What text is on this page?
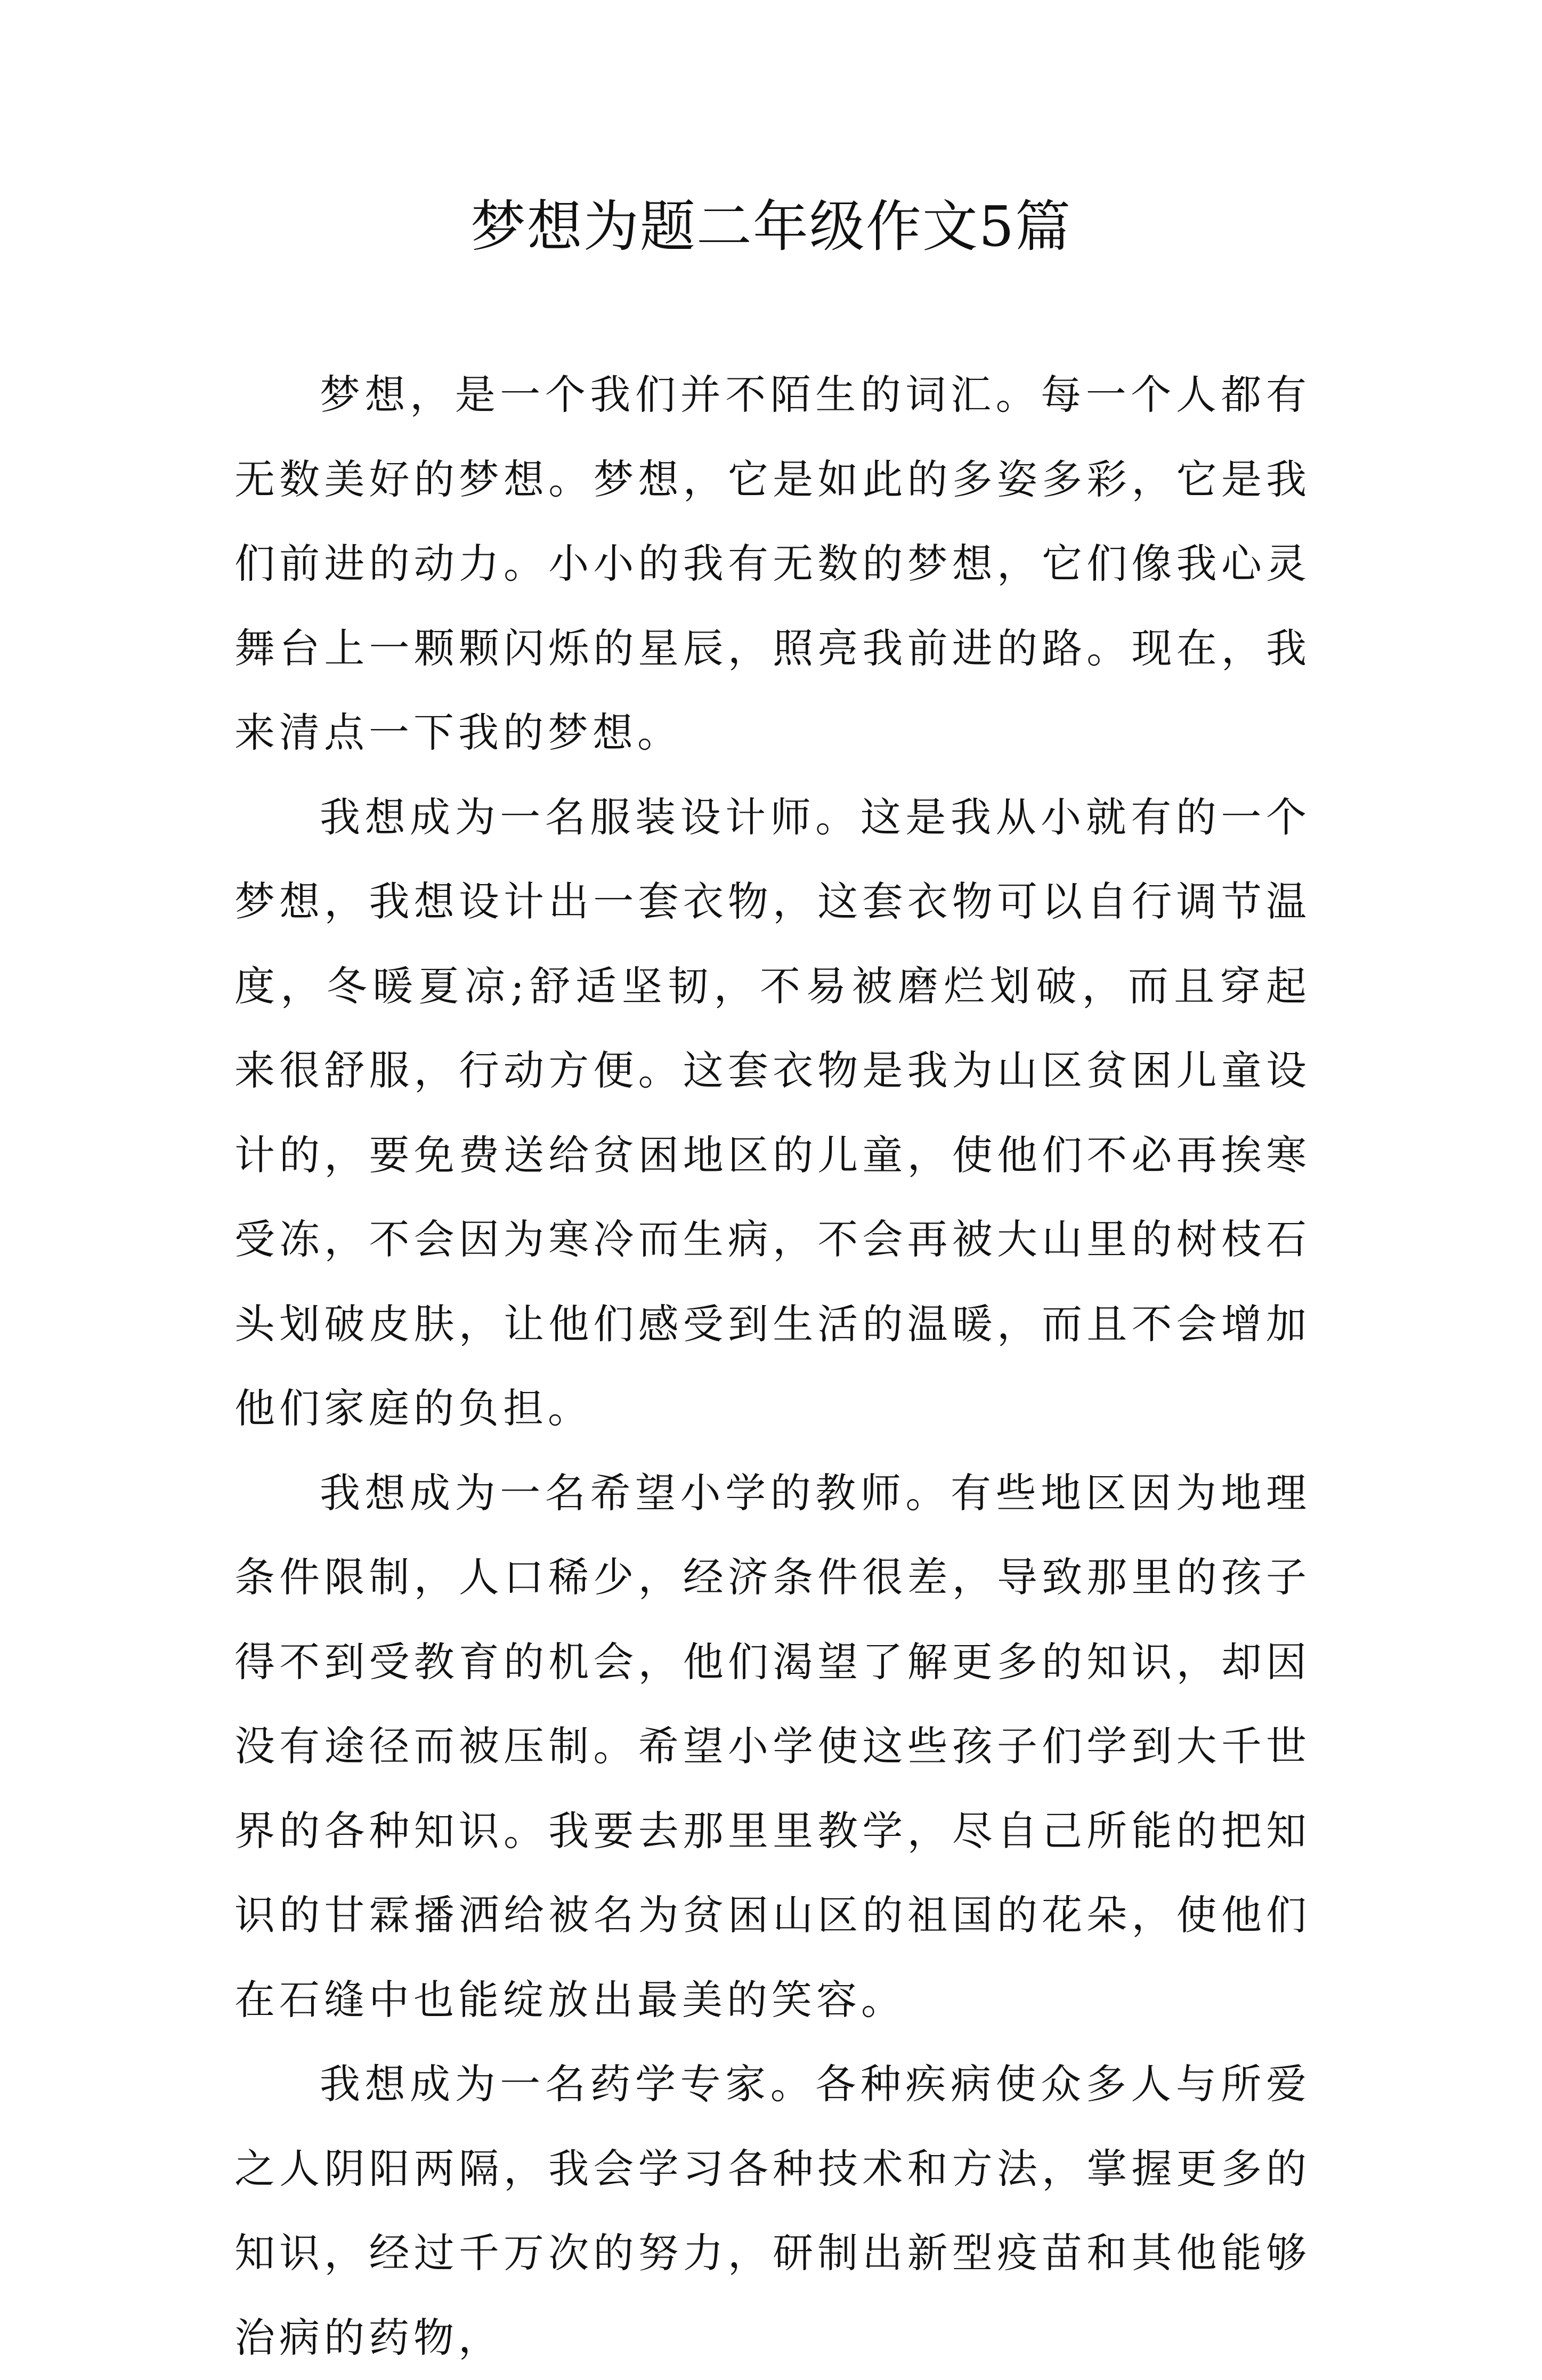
梦想为题二年级作文5篇

梦想，是一个我们并不陌生的词汇。每一个人都有无数美好的梦想。梦想，它是如此的多姿多彩，它是我们前进的动力。小小的我有无数的梦想，它们像我心灵舞台上一颗颗闪烁的星辰，照亮我前进的路。现在，我来清点一下我的梦想。

我想成为一名服装设计师。这是我从小就有的一个梦想，我想设计出一套衣物，这套衣物可以自行调节温度，冬暖夏凉;舒适坚韧，不易被磨烂划破，而且穿起来很舒服，行动方便。这套衣物是我为山区贫困儿童设计的，要免费送给贫困地区的儿童，使他们不必再挨寒受冻，不会因为寒冷而生病，不会再被大山里的树枝石头划破皮肤，让他们感受到生活的温暖，而且不会增加他们家庭的负担。

我想成为一名希望小学的教师。有些地区因为地理条件限制，人口稀少，经济条件很差，导致那里的孩子得不到受教育的机会，他们渴望了解更多的知识，却因没有途径而被压制。希望小学使这些孩子们学到大千世界的各种知识。我要去那里里教学，尽自己所能的把知识的甘霖播洒给被名为贫困山区的祖国的花朵，使他们在石缝中也能绽放出最美的笑容。

我想成为一名药学专家。各种疾病使众多人与所爱之人阴阳两隔，我会学习各种技术和方法，掌握更多的知识，经过千万次的努力，研制出新型疫苗和其他能够治病的药物，
